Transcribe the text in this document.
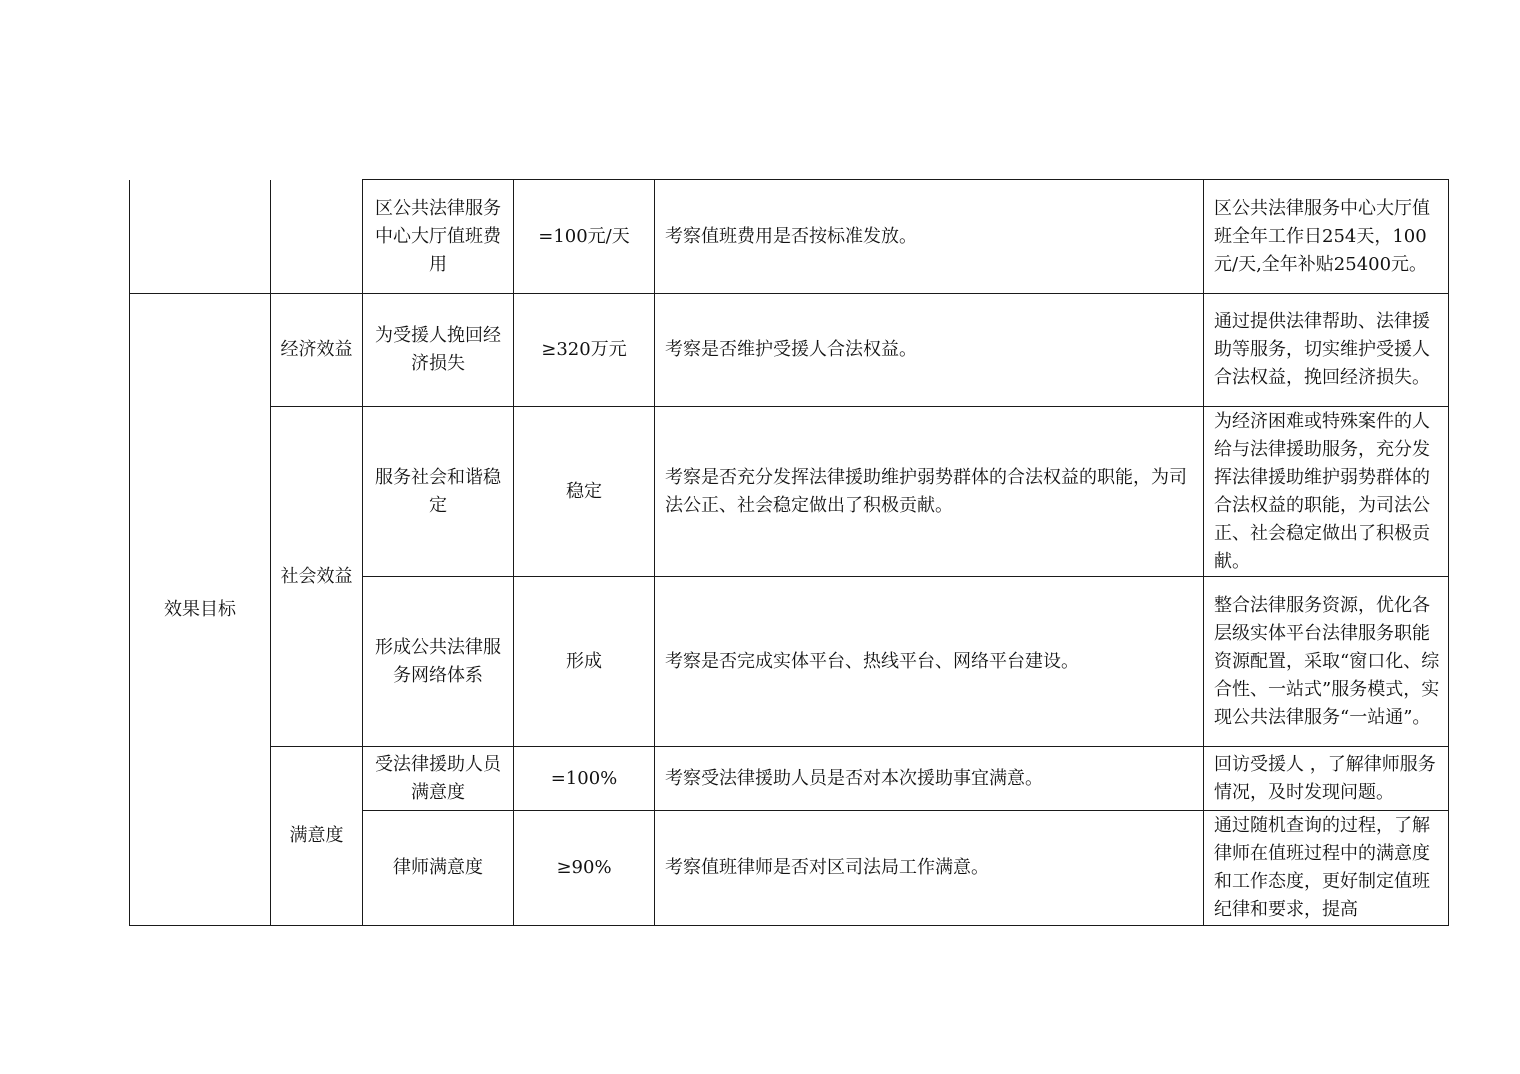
		区公共法律服务中心大厅值班费用	=100元/天	考察值班费用是否按标准发放。	区公共法律服务中心大厅值班全年工作日254天，100元/天,全年补贴25400元。
效果目标	经济效益	为受援人挽回经济损失	≥320万元	考察是否维护受援人合法权益。	通过提供法律帮助、法律援助等服务，切实维护受援人合法权益，挽回经济损失。
	社会效益	服务社会和谐稳定	稳定	考察是否充分发挥法律援助维护弱势群体的合法权益的职能，为司法公正、社会稳定做出了积极贡献。	为经济困难或特殊案件的人给与法律援助服务，充分发挥法律援助维护弱势群体的合法权益的职能，为司法公正、社会稳定做出了积极贡献。
		形成公共法律服务网络体系	形成	考察是否完成实体平台、热线平台、网络平台建设。	整合法律服务资源，优化各层级实体平台法律服务职能资源配置，采取“窗口化、综合性、一站式”服务模式，实现公共法律服务“一站通”。
	满意度	受法律援助人员满意度	=100%	考察受法律援助人员是否对本次援助事宜满意。	回访受援人 ，了解律师服务情况，及时发现问题。
		律师满意度	≥90%	考察值班律师是否对区司法局工作满意。	通过随机查询的过程，了解律师在值班过程中的满意度和工作态度，更好制定值班纪律和要求，提高
